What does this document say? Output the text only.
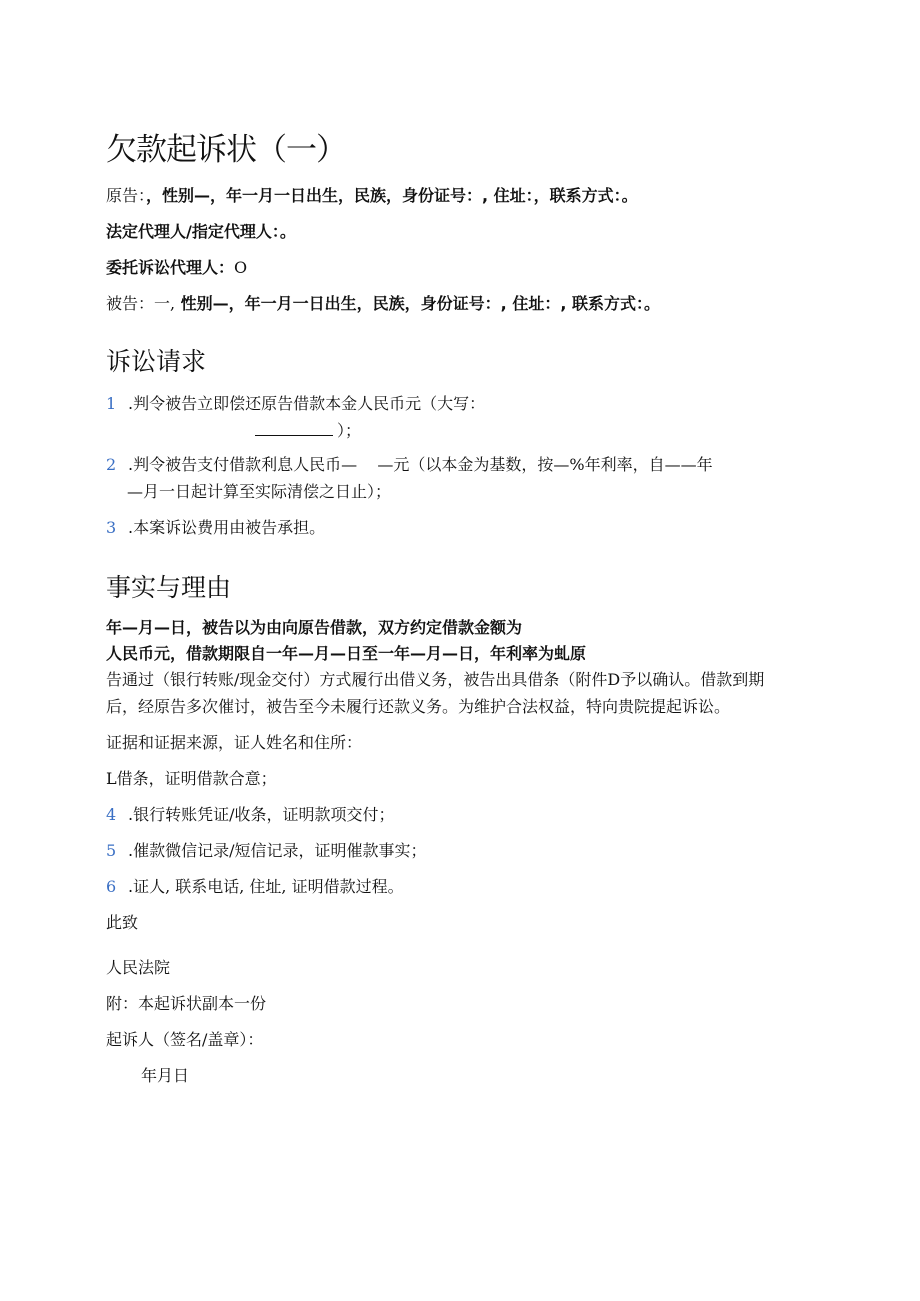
欠款起诉状（一）
原告：，性别—，年一月一日出生，民族，身份证号：, 住址：，联系方式：。
法定代理人/指定代理人：。
委托诉讼代理人：O
被告：一, 性别—，年一月一日出生，民族，身份证号：, 住址：, 联系方式：。
诉讼请求
1 .判令被告立即偿还原告借款本金人民币元（大写：
）；
2 .判令被告支付借款利息人民币—    —元（以本金为基数，按—%年利率，自——年
—月一日起计算至实际清偿之日止）；
3 .本案诉讼费用由被告承担。
事实与理由
年—月—日，被告以为由向原告借款，双方约定借款金额为
人民币元，借款期限自一年—月—日至一年—月—日，年利率为虬原
告通过（银行转账/现金交付）方式履行出借义务，被告出具借条（附件D予以确认。借款到期
后，经原告多次催讨，被告至今未履行还款义务。为维护合法权益，特向贵院提起诉讼。
证据和证据来源，证人姓名和住所：
L借条，证明借款合意；
4 .银行转账凭证/收条，证明款项交付；
5 .催款微信记录/短信记录，证明催款事实；
6 .证人, 联系电话, 住址, 证明借款过程。
此致
人民法院
附：本起诉状副本一份
起诉人（签名/盖章）：
年月日
